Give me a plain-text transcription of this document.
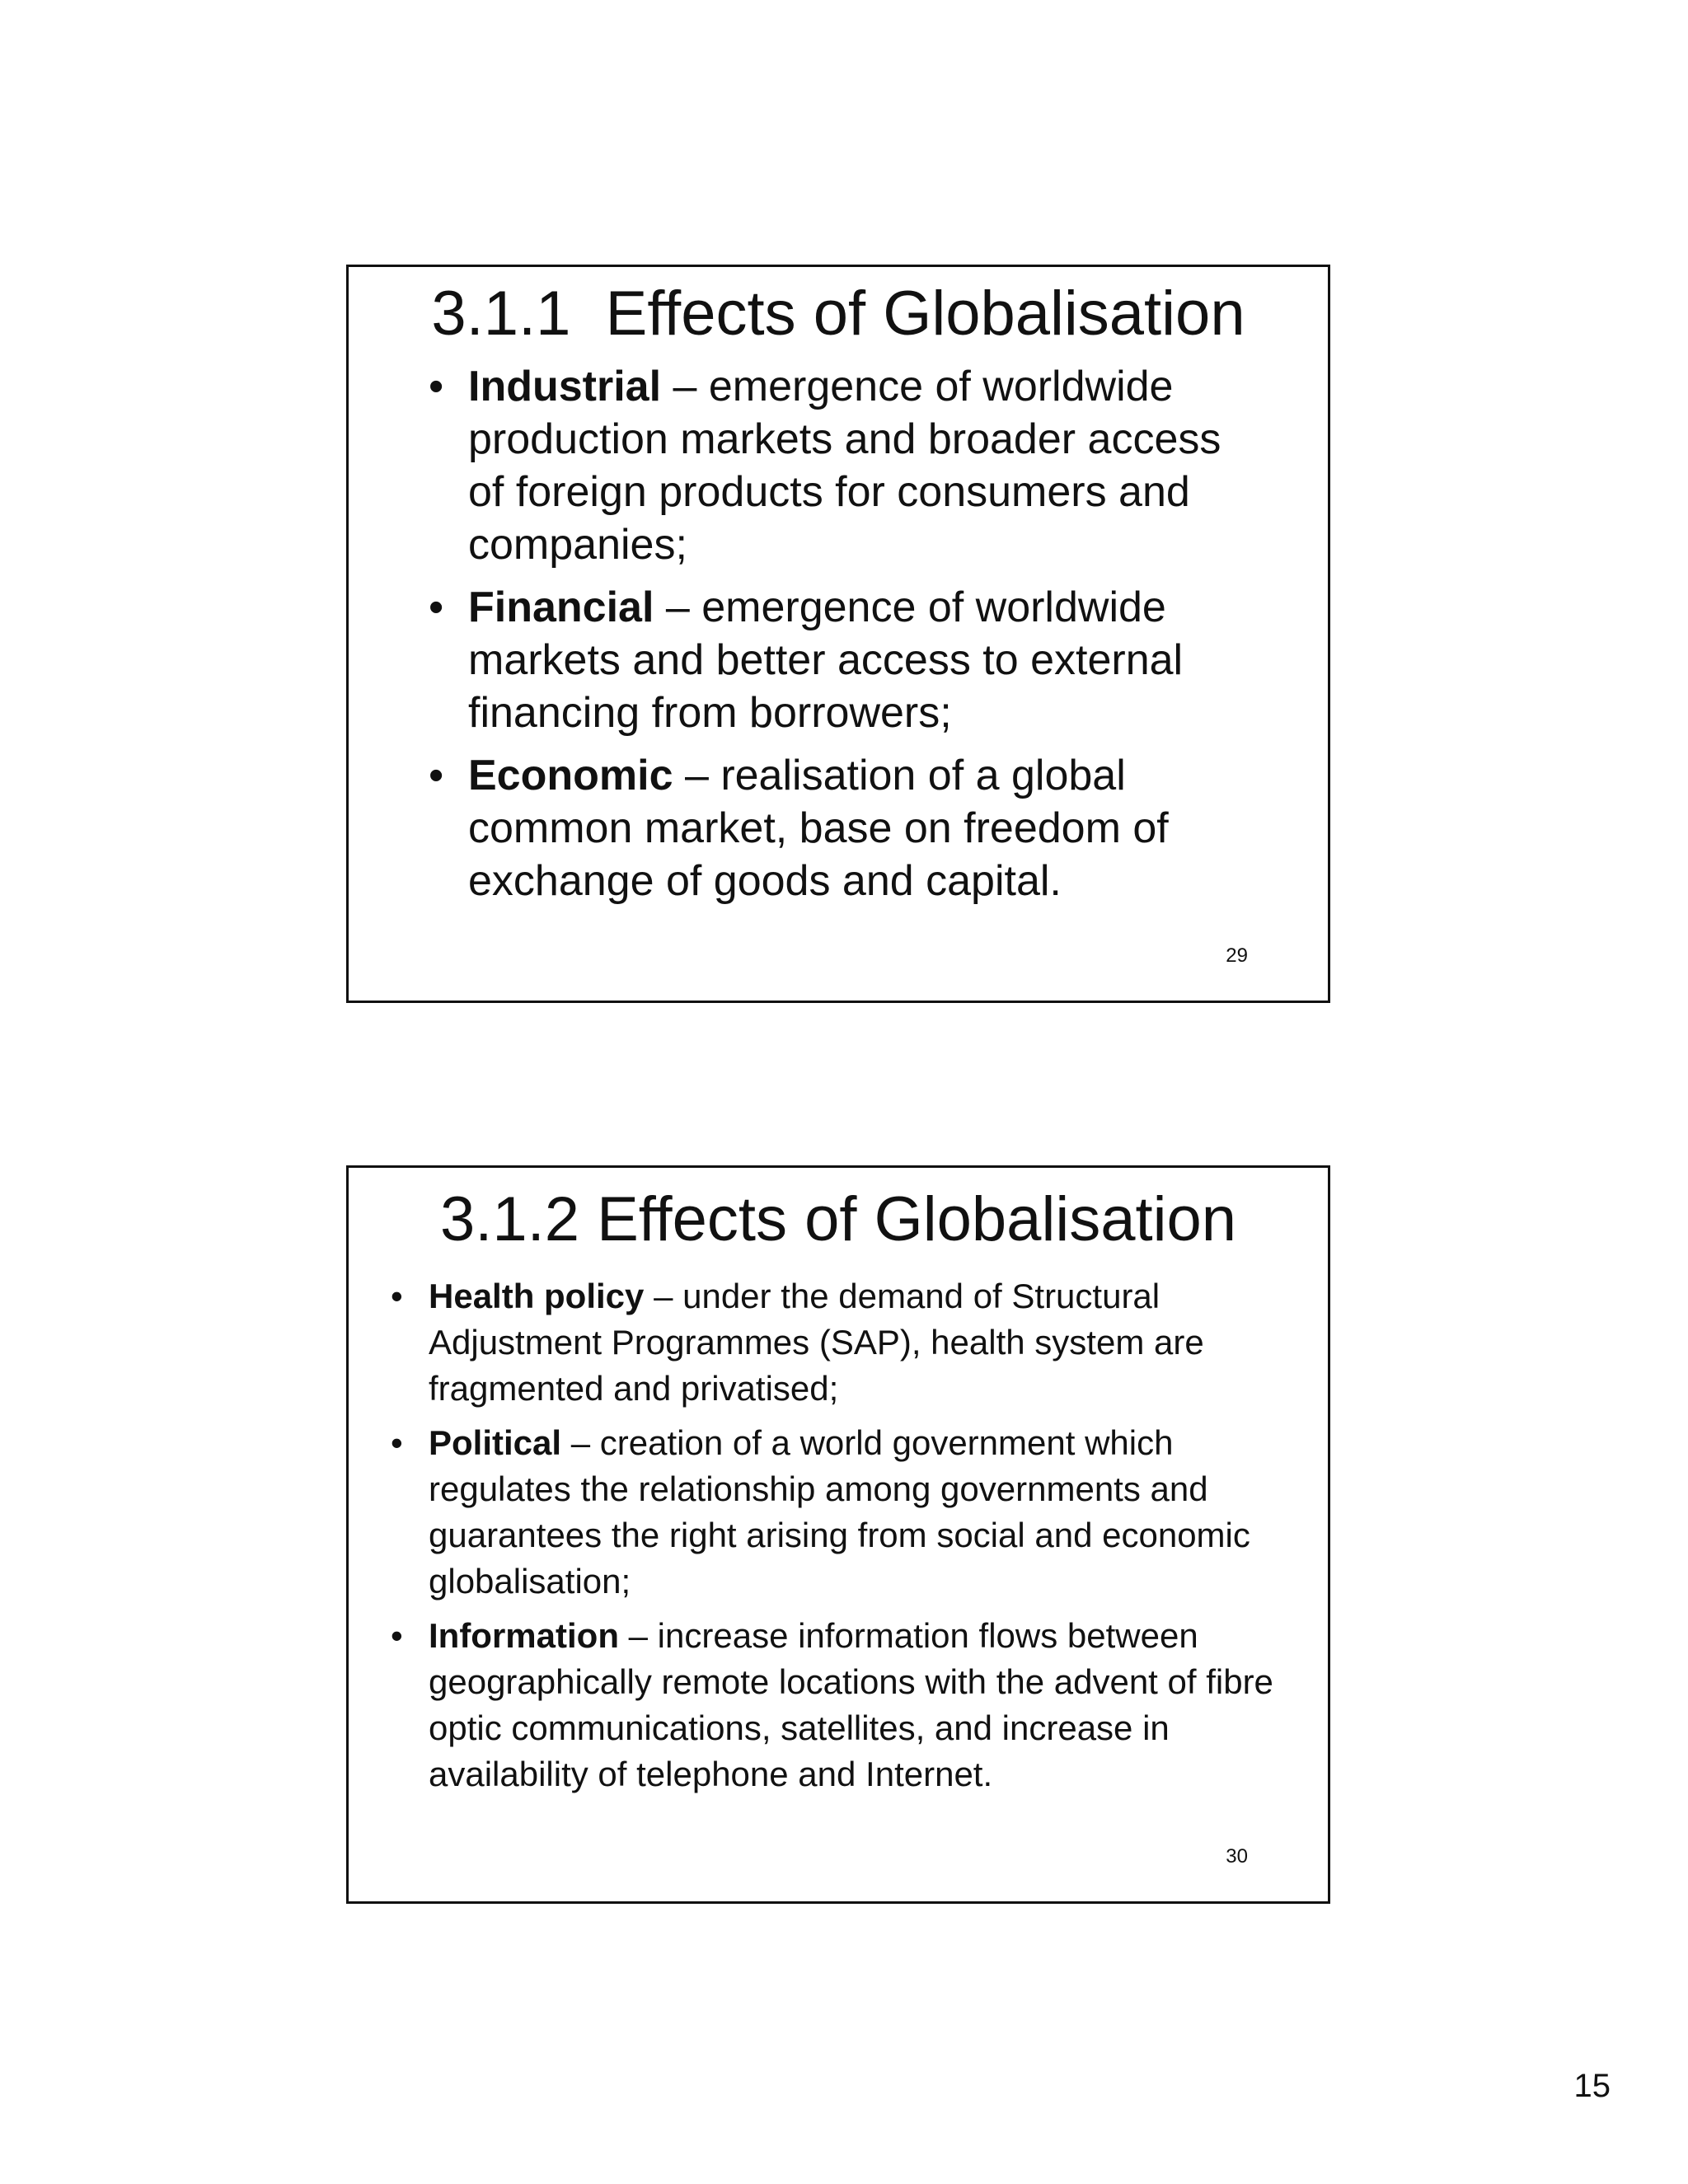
3.1.1  Effects of Globalisation
• Industrial – emergence of worldwide production markets and broader access of foreign products for consumers and companies;
• Financial – emergence of worldwide markets and better access to external financing from borrowers;
• Economic – realisation of a global common market, base on freedom of exchange of goods and capital.
29
3.1.2 Effects of Globalisation
• Health policy – under the demand of Structural Adjustment Programmes (SAP), health system are fragmented and privatised;
• Political – creation of a world government which regulates the relationship among governments and guarantees the right arising from social and economic globalisation;
• Information – increase information flows between geographically remote locations with the advent of fibre optic communications, satellites, and increase in availability of telephone and Internet.
30
15
